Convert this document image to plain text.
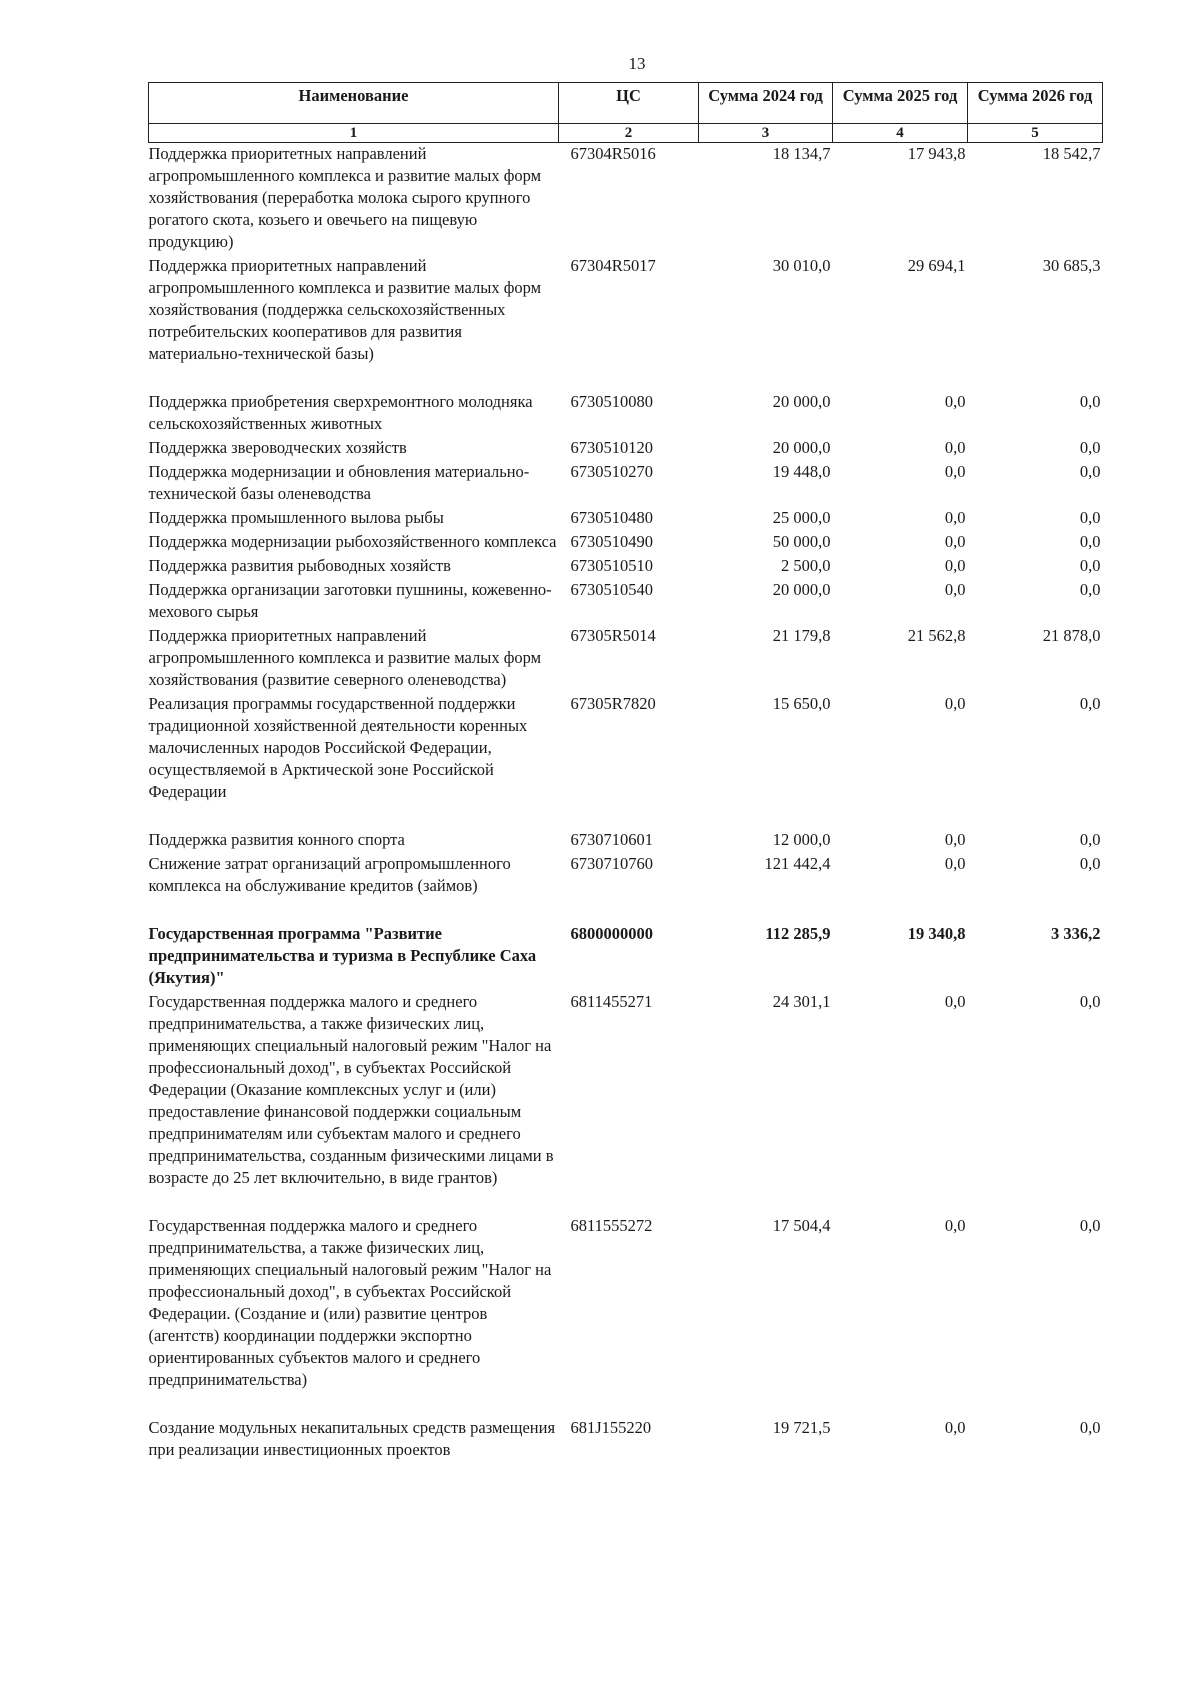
13
Наименование	ЦС	Сумма 2024 год	Сумма 2025 год	Сумма 2026 год
1	2	3	4	5
Поддержка приоритетных направлений агропромышленного комплекса и развитие малых форм хозяйствования (переработка молока сырого крупного рогатого скота, козьего и овечьего на пищевую продукцию)	67304R5016	18 134,7	17 943,8	18 542,7
Поддержка приоритетных направлений агропромышленного комплекса и развитие малых форм хозяйствования (поддержка сельскохозяйственных потребительских кооперативов для развития материально-технической базы)	67304R5017	30 010,0	29 694,1	30 685,3
Поддержка приобретения сверхремонтного молодняка сельскохозяйственных животных	6730510080	20 000,0	0,0	0,0
Поддержка звероводческих хозяйств	6730510120	20 000,0	0,0	0,0
Поддержка модернизации и обновления материально-технической базы оленеводства	6730510270	19 448,0	0,0	0,0
Поддержка промышленного вылова рыбы	6730510480	25 000,0	0,0	0,0
Поддержка модернизации рыбохозяйственного комплекса	6730510490	50 000,0	0,0	0,0
Поддержка развития рыбоводных хозяйств	6730510510	2 500,0	0,0	0,0
Поддержка организации заготовки пушнины, кожевенно-мехового сырья	6730510540	20 000,0	0,0	0,0
Поддержка приоритетных направлений агропромышленного комплекса и развитие малых форм хозяйствования (развитие северного оленеводства)	67305R5014	21 179,8	21 562,8	21 878,0
Реализация программы государственной поддержки традиционной хозяйственной деятельности коренных малочисленных народов Российской Федерации, осуществляемой в Арктической зоне Российской Федерации	67305R7820	15 650,0	0,0	0,0
Поддержка развития конного спорта	6730710601	12 000,0	0,0	0,0
Снижение затрат организаций агропромышленного комплекса на обслуживание кредитов (займов)	6730710760	121 442,4	0,0	0,0
Государственная программа "Развитие предпринимательства и туризма в Республике Саха (Якутия)"	6800000000	112 285,9	19 340,8	3 336,2
Государственная поддержка малого и среднего предпринимательства, а также физических лиц, применяющих специальный налоговый режим "Налог на профессиональный доход", в субъектах Российской Федерации (Оказание комплексных услуг и (или) предоставление финансовой поддержки социальным предпринимателям или субъектам малого и среднего предпринимательства, созданным физическими лицами в возрасте до 25 лет включительно, в виде грантов)	6811455271	24 301,1	0,0	0,0
Государственная поддержка малого и среднего предпринимательства, а также физических лиц, применяющих специальный налоговый режим "Налог на профессиональный доход", в субъектах Российской Федерации. (Создание и (или) развитие центров (агентств) координации поддержки экспортно ориентированных субъектов малого и среднего предпринимательства)	6811555272	17 504,4	0,0	0,0
Создание модульных некапитальных средств размещения при реализации инвестиционных проектов	681J155220	19 721,5	0,0	0,0
